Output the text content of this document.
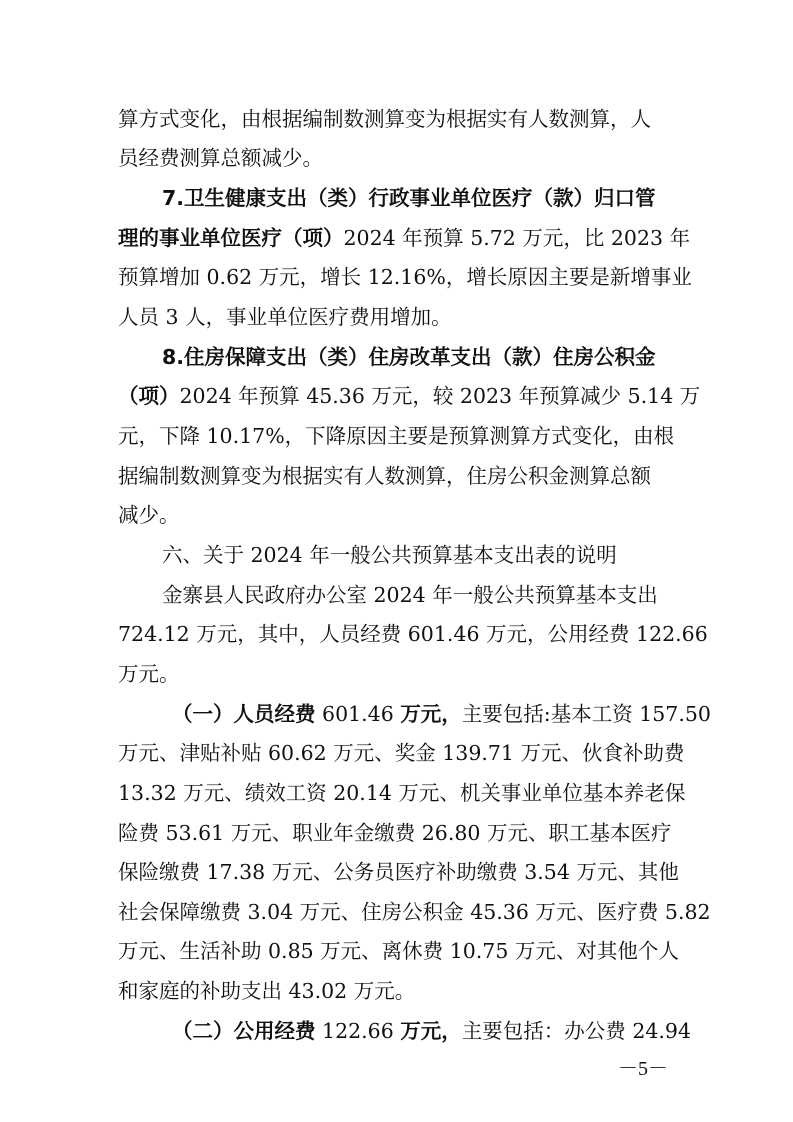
算方式变化，由根据编制数测算变为根据实有人数测算，人
员经费测算总额减少。
7.卫生健康支出（类）行政事业单位医疗（款）归口管
理的事业单位医疗（项）2024 年预算 5.72 万元，比 2023 年
预算增加 0.62 万元，增长 12.16%，增长原因主要是新增事业
人员 3 人，事业单位医疗费用增加。
8.住房保障支出（类）住房改革支出（款）住房公积金
（项）2024 年预算 45.36 万元，较 2023 年预算减少 5.14 万
元，下降 10.17%，下降原因主要是预算测算方式变化，由根
据编制数测算变为根据实有人数测算，住房公积金测算总额
减少。
六、关于 2024 年一般公共预算基本支出表的说明
金寨县人民政府办公室 2024 年一般公共预算基本支出
724.12 万元，其中，人员经费 601.46 万元，公用经费 122.66
万元。
（一）人员经费 601.46 万元，主要包括:基本工资 157.50
万元、津贴补贴 60.62 万元、奖金 139.71 万元、伙食补助费
13.32 万元、绩效工资 20.14 万元、机关事业单位基本养老保
险费 53.61 万元、职业年金缴费 26.80 万元、职工基本医疗
保险缴费 17.38 万元、公务员医疗补助缴费 3.54 万元、其他
社会保障缴费 3.04 万元、住房公积金 45.36 万元、医疗费 5.82
万元、生活补助 0.85 万元、离休费 10.75 万元、对其他个人
和家庭的补助支出 43.02 万元。
（二）公用经费 122.66 万元，主要包括：办公费 24.94
－5－
